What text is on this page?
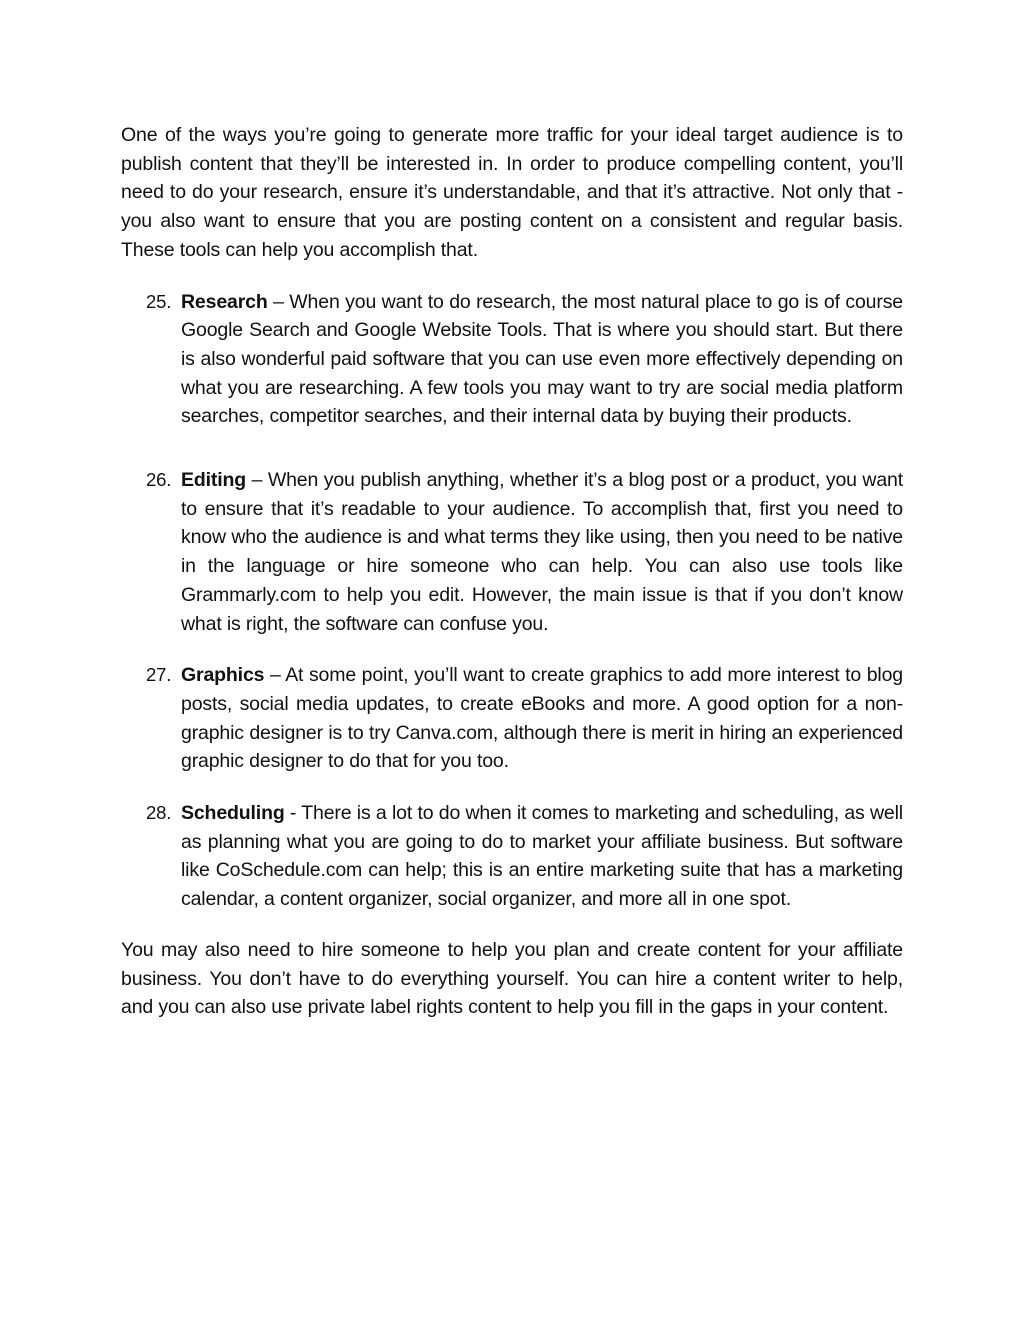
One of the ways you’re going to generate more traffic for your ideal target audience is to publish content that they’ll be interested in. In order to produce compelling content, you’ll need to do your research, ensure it’s understandable, and that it’s attractive. Not only that - you also want to ensure that you are posting content on a consistent and regular basis. These tools can help you accomplish that.

25. Research – When you want to do research, the most natural place to go is of course Google Search and Google Website Tools. That is where you should start. But there is also wonderful paid software that you can use even more effectively depending on what you are researching. A few tools you may want to try are social media platform searches, competitor searches, and their internal data by buying their products.
26. Editing – When you publish anything, whether it’s a blog post or a product, you want to ensure that it’s readable to your audience. To accomplish that, first you need to know who the audience is and what terms they like using, then you need to be native in the language or hire someone who can help. You can also use tools like Grammarly.com to help you edit. However, the main issue is that if you don’t know what is right, the software can confuse you.
27. Graphics – At some point, you’ll want to create graphics to add more interest to blog posts, social media updates, to create eBooks and more. A good option for a non-graphic designer is to try Canva.com, although there is merit in hiring an experienced graphic designer to do that for you too.
28. Scheduling - There is a lot to do when it comes to marketing and scheduling, as well as planning what you are going to do to market your affiliate business. But software like CoSchedule.com can help; this is an entire marketing suite that has a marketing calendar, a content organizer, social organizer, and more all in one spot.

You may also need to hire someone to help you plan and create content for your affiliate business. You don’t have to do everything yourself. You can hire a content writer to help, and you can also use private label rights content to help you fill in the gaps in your content.
